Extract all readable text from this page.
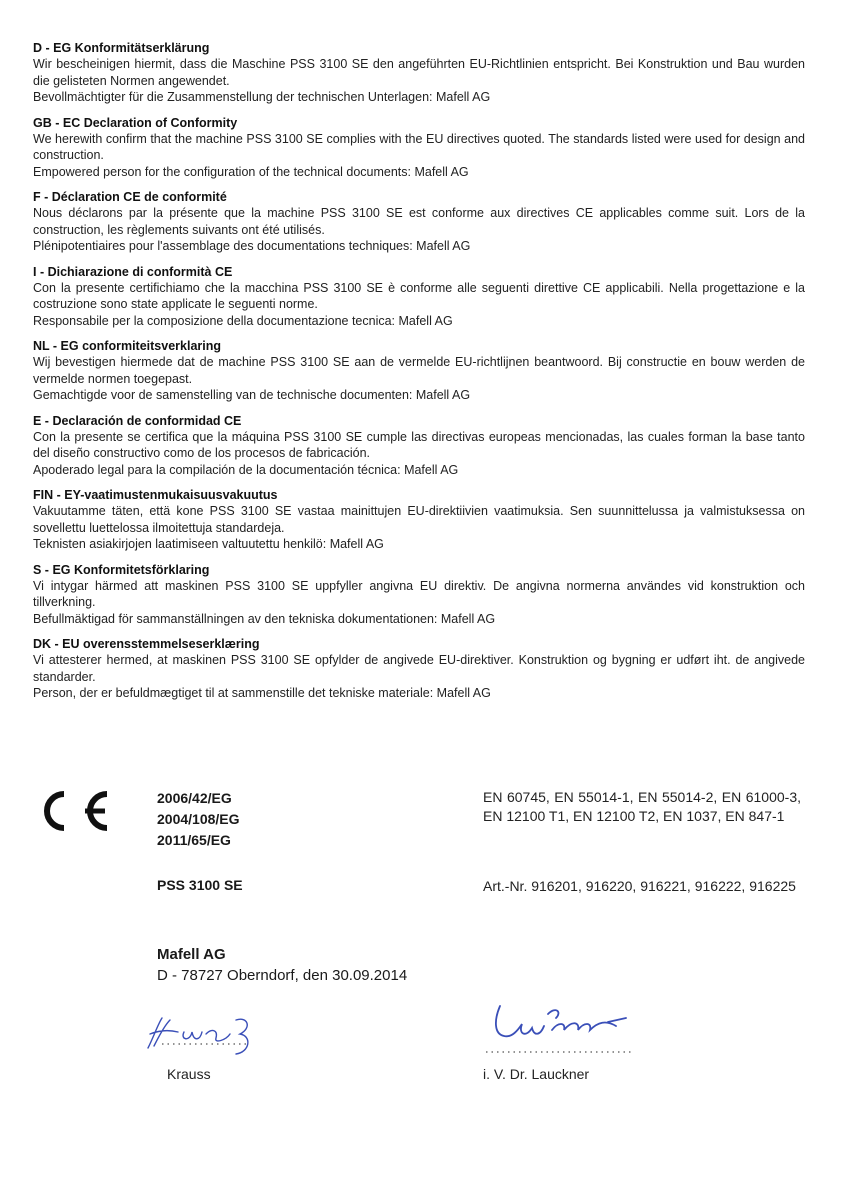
D - EG Konformitätserklärung

Wir bescheinigen hiermit, dass die Maschine PSS 3100 SE den angeführten EU-Richtlinien entspricht. Bei Konstruktion und Bau wurden die gelisteten Normen angewendet.

Bevollmächtigter für die Zusammenstellung der technischen Unterlagen: Mafell AG

GB - EC Declaration of Conformity

We herewith confirm that the machine PSS 3100 SE complies with the EU directives quoted. The standards listed were used for design and construction.

Empowered person for the configuration of the technical documents: Mafell AG

F - Déclaration CE de conformité

Nous déclarons par la présente que la machine PSS 3100 SE est conforme aux directives CE applicables comme suit. Lors de la construction, les règlements suivants ont été utilisés.

Plénipotentiaires pour l'assemblage des documentations techniques: Mafell AG

I - Dichiarazione di conformità CE

Con la presente certifichiamo che la macchina PSS 3100 SE è conforme alle seguenti direttive CE applicabili. Nella progettazione e la costruzione sono state applicate le seguenti norme.

Responsabile per la composizione della documentazione tecnica: Mafell AG

NL - EG conformiteitsverklaring

Wij bevestigen hiermede dat de machine PSS 3100 SE aan de vermelde EU-richtlijnen beantwoord. Bij constructie en bouw werden de vermelde normen toegepast.

Gemachtigde voor de samenstelling van de technische documenten: Mafell AG

E - Declaración de conformidad CE

Con la presente se certifica que la máquina PSS 3100 SE cumple las directivas europeas mencionadas, las cuales forman la base tanto del diseño constructivo como de los procesos de fabricación.

Apoderado legal para la compilación de la documentación técnica: Mafell AG

FIN - EY-vaatimustenmukaisuusvakuutus

Vakuutamme täten, että kone PSS 3100 SE vastaa mainittujen EU-direktiivien vaatimuksia. Sen suunnittelussa ja valmistuksessa on sovellettu luettelossa ilmoitettuja standardeja.

Teknisten asiakirjojen laatimiseen valtuutettu henkilö: Mafell AG

S - EG Konformitetsförklaring

Vi intygar härmed att maskinen PSS 3100 SE uppfyller angivna EU direktiv. De angivna normerna användes vid konstruktion och tillverkning.

Befullmäktigad för sammanställningen av den tekniska dokumentationen: Mafell AG

DK - EU overensstemmelseserklæring

Vi attesterer hermed, at maskinen PSS 3100 SE opfylder de angivede EU-direktiver. Konstruktion og bygning er udført iht. de angivede standarder.

Person, der er befuldmægtiget til at sammenstille det tekniske materiale: Mafell AG

2006/42/EG
2004/108/EG
2011/65/EG
PSS 3100 SE
EN 60745, EN 55014-1, EN 55014-2, EN 61000-3, EN 12100 T1, EN 12100 T2, EN 1037, EN 847-1
Art.-Nr. 916201, 916220, 916221, 916222, 916225
Mafell AG
D - 78727 Oberndorf, den 30.09.2014
Krauss	i. V. Dr. Lauckner
